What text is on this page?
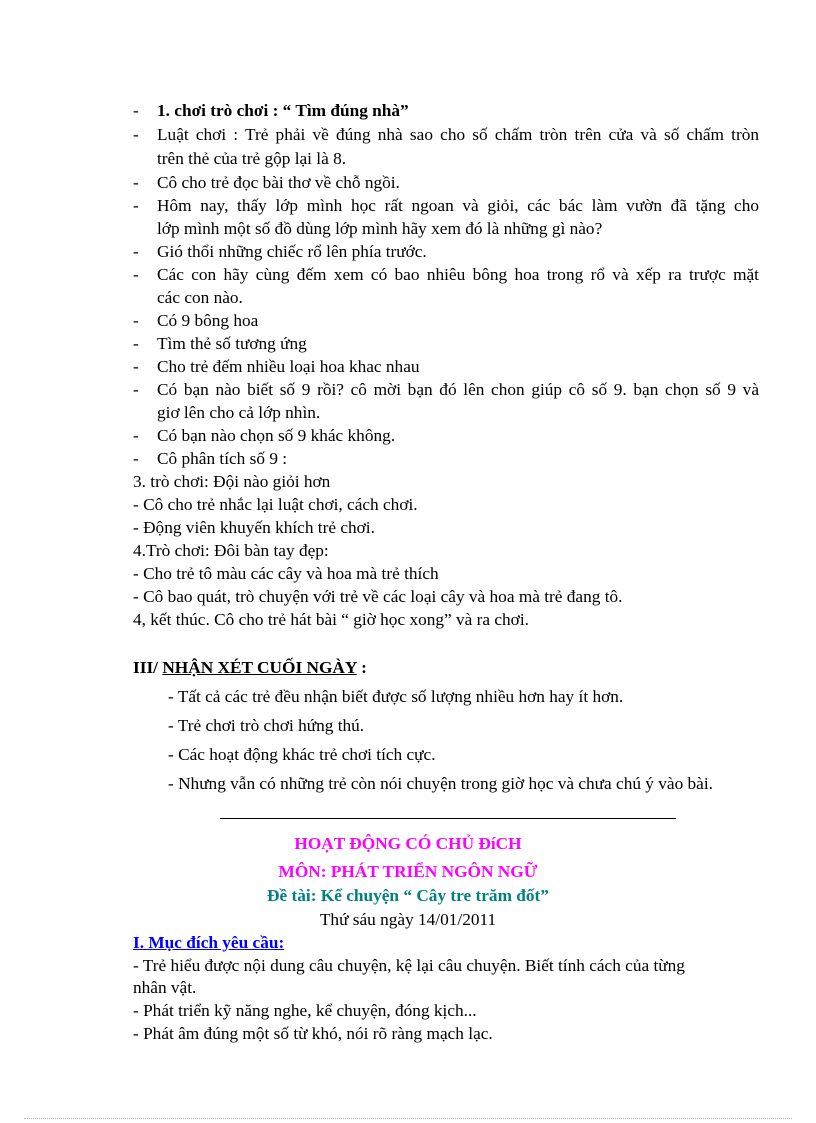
- 1. chơi trò chơi : “ Tìm đúng nhà”
- Luật chơi : Trẻ phải về đúng nhà sao cho số chấm tròn trên cửa và số chấm tròn
trên thẻ của trẻ gộp lại là 8.
- Cô cho trẻ đọc bài thơ về chỗ ngồi.
- Hôm nay, thấy lớp mình học rất ngoan và giỏi, các bác làm vườn đã tặng cho
lớp mình một số đồ dùng lớp mình hãy xem đó là những gì nào?
- Gió thổi những chiếc rổ lên phía trước.
- Các con hãy cùng đếm xem có bao nhiêu bông hoa trong rổ và xếp ra trược mặt
các con nào.
- Có 9 bông hoa
- Tìm thẻ số tương ứng
- Cho trẻ đếm nhiều loại hoa khac nhau
- Có bạn nào biết số 9 rồi? cô mời bạn đó lên chon giúp cô số 9. bạn chọn số 9 và
giơ lên cho cả lớp nhìn.
- Có bạn nào chọn số 9 khác không.
- Cô phân tích số 9 :
3. trò chơi: Đội nào giỏi hơn
- Cô cho trẻ nhắc lại luật chơi, cách chơi.
- Động viên khuyến khích trẻ chơi.
4.Trò chơi: Đôi bàn tay đẹp:
- Cho trẻ tô màu các cây và hoa mà trẻ thích
- Cô bao quát, trò chuyện với trẻ về các loại cây và hoa mà trẻ đang tô.
4, kết thúc. Cô cho trẻ hát bài “ giờ học xong” và ra chơi.
III/ NHẬN XÉT CUỐI NGÀY :
- Tất cả các trẻ đều nhận biết được số lượng nhiều hơn hay ít hơn.
- Trẻ chơi trò chơi hứng thú.
- Các hoạt động khác trẻ chơi tích cực.
- Nhưng vẫn có những trẻ còn nói chuyện trong giờ học và chưa chú ý vào bài.
HOẠT ĐỘNG CÓ CHỦ ĐíCH
MÔN: PHÁT TRIỂN NGÔN NGỮ
Đề tài: Kể chuyện “ Cây tre trăm đốt”
Thứ sáu ngày 14/01/2011
I. Mục đích yêu cầu:
- Trẻ hiểu được nội dung câu chuyện, kệ lại câu chuyện. Biết tính cách của từng
nhân vật.
- Phát triển kỹ năng nghe, kể chuyện, đóng kịch...
- Phát âm đúng một số từ khó, nói rõ ràng mạch lạc.
